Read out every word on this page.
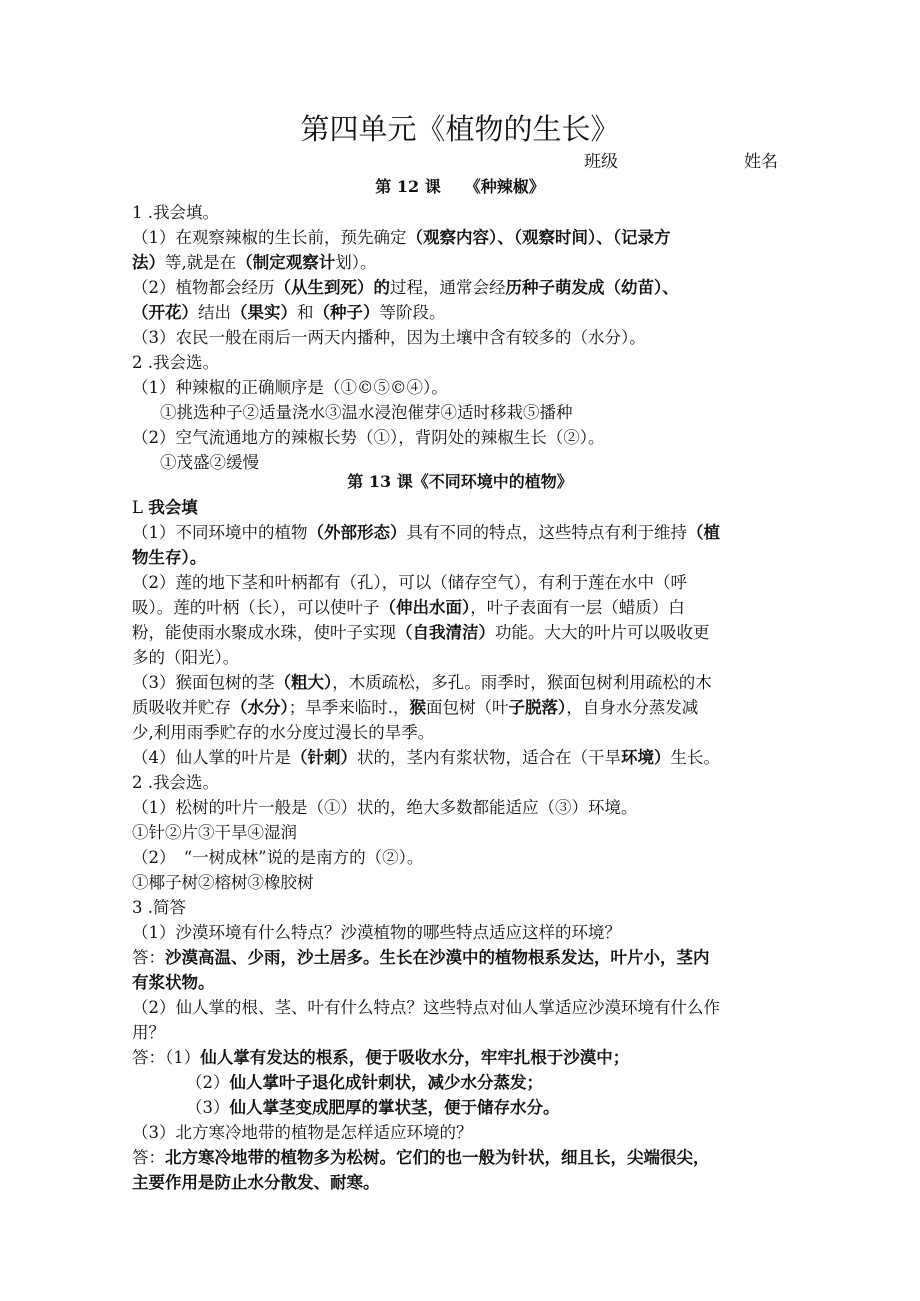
第四单元《植物的生长》
班级	姓名
第 12 课　　《种辣椒》
1 .我会填。
（1）在观察辣椒的生长前，预先确定（观察内容）、（观察时间）、（记录方
法）等,就是在（制定观察计划）。
（2）植物都会经历（从生到死）的过程，通常会经历种子萌发成（幼苗）、
（开花）结出（果实）和（种子）等阶段。
（3）农民一般在雨后一两天内播种，因为土壤中含有较多的（水分）。
2 .我会选。
（1）种辣椒的正确顺序是（①©⑤©④）。
①挑选种子②适量浇水③温水浸泡催芽④适时移栽⑤播种
（2）空气流通地方的辣椒长势（①），背阴处的辣椒生长（②）。
①茂盛②缓慢
第 13 课《不同环境中的植物》
L 我会填
（1）不同环境中的植物（外部形态）具有不同的特点，这些特点有利于维持（植
物生存）。
（2）莲的地下茎和叶柄都有（孔），可以（储存空气），有利于莲在水中（呼
吸）。莲的叶柄（长），可以使叶子（伸出水面），叶子表面有一层（蜡质）白
粉，能使雨水聚成水珠，使叶子实现（自我清洁）功能。大大的叶片可以吸收更
多的（阳光）。
（3）猴面包树的茎（粗大），木质疏松，多孔。雨季时，猴面包树利用疏松的木
质吸收并贮存（水分）；旱季来临时.，猴面包树（叶子脱落），自身水分蒸发减
少,利用雨季贮存的水分度过漫长的旱季。
（4）仙人掌的叶片是（针刺）状的，茎内有浆状物，适合在（干旱环境）生长。
2 .我会选。
（1）松树的叶片一般是（①）状的，绝大多数都能适应（③）环境。
①针②片③干旱④湿润
（2）　“一树成林”说的是南方的（②）。
①椰子树②榕树③橡胶树
3 .简答
（1）沙漠环境有什么特点？沙漠植物的哪些特点适应这样的环境？
答：沙漠高温、少雨，沙土居多。生长在沙漠中的植物根系发达，叶片小，茎内
有浆状物。
（2）仙人掌的根、茎、叶有什么特点？这些特点对仙人掌适应沙漠环境有什么作
用？
答：（1）仙人掌有发达的根系，便于吸收水分，牢牢扎根于沙漠中；
（2）仙人掌叶子退化成针刺状，减少水分蒸发；
（3）仙人掌茎变成肥厚的掌状茎，便于储存水分。
（3）北方寒冷地带的植物是怎样适应环境的？
答：北方寒冷地带的植物多为松树。它们的也一般为针状，细且长，尖端很尖，
主要作用是防止水分散发、耐寒。
